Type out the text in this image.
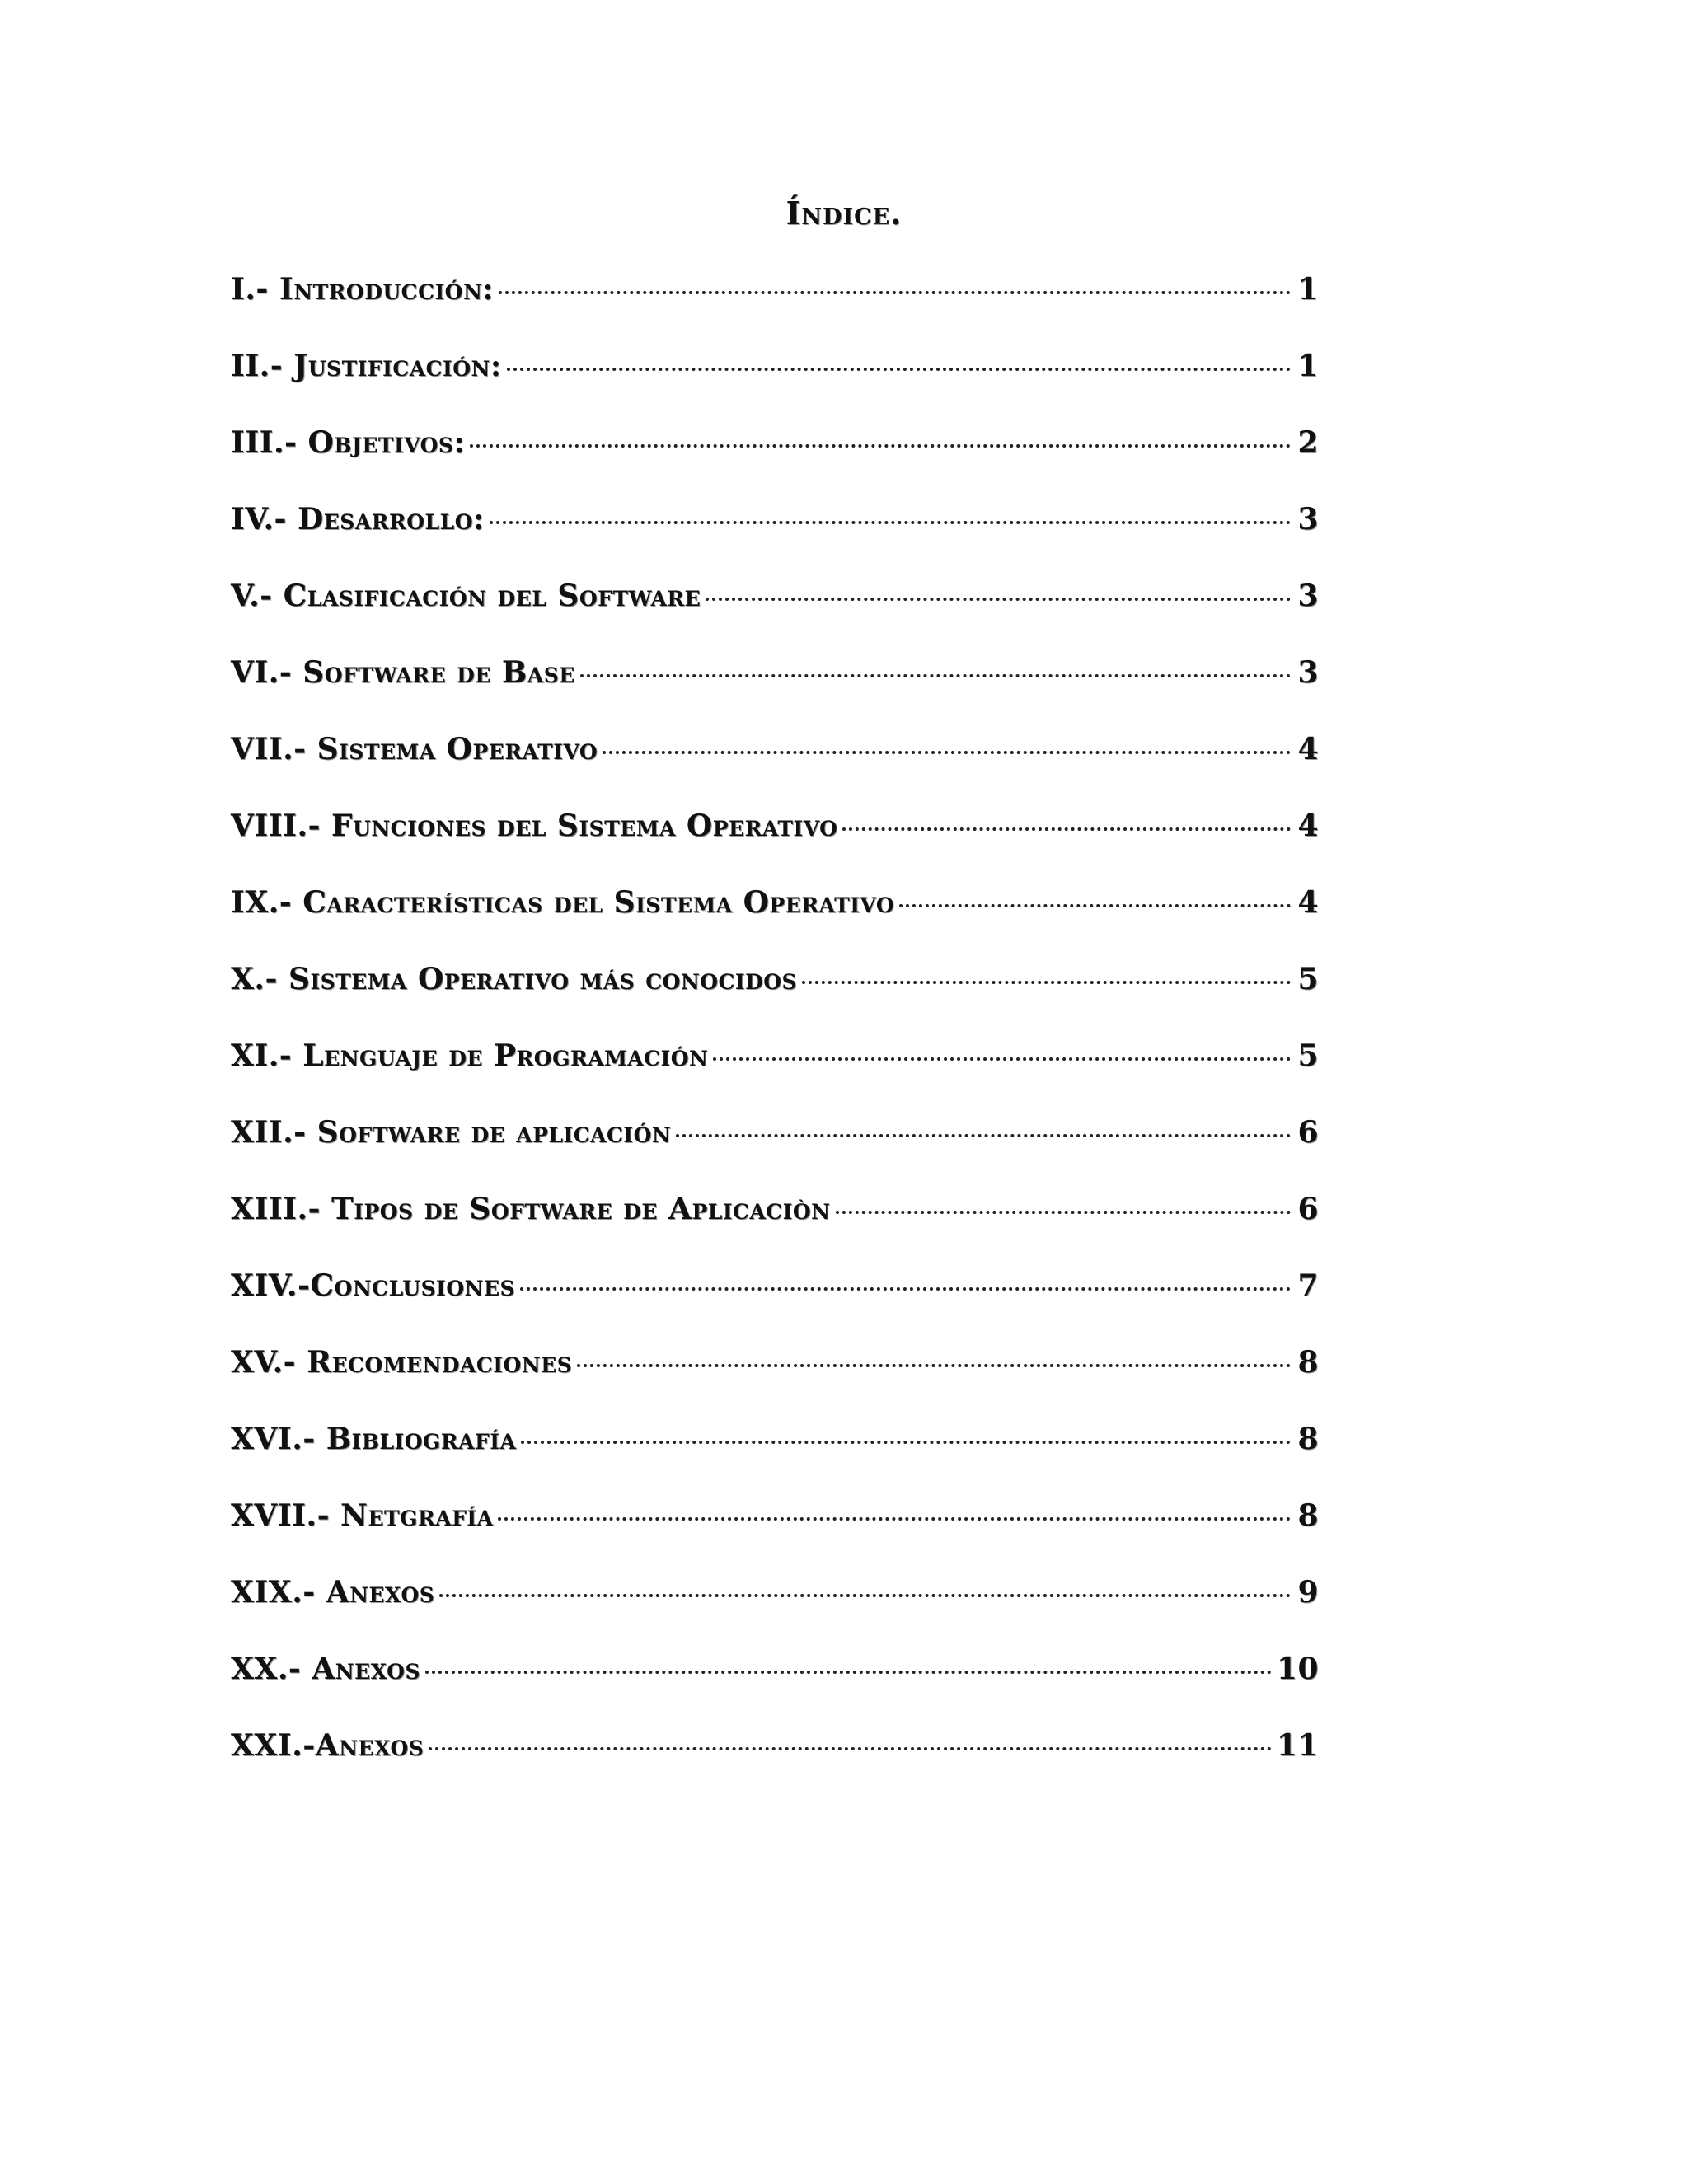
Índice.
I.- Introducción:	1
II.- Justificación:	1
III.- Objetivos:	2
IV.- Desarrollo:	3
V.- Clasificación del Software	3
VI.- Software de Base	3
VII.- Sistema Operativo	4
VIII.- Funciones del Sistema Operativo	4
IX.- Características del Sistema Operativo	4
X.- Sistema Operativo más conocidos	5
XI.- Lenguaje de Programación	5
XII.- Software de aplicación	6
XIII.- Tipos de Software de Aplicaciòn	6
XIV.-Conclusiones	7
XV.- Recomendaciones	8
XVI.- Bibliografía	8
XVII.- Netgrafía	8
XIX.- Anexos	9
XX.- Anexos	10
XXI.-Anexos	11
